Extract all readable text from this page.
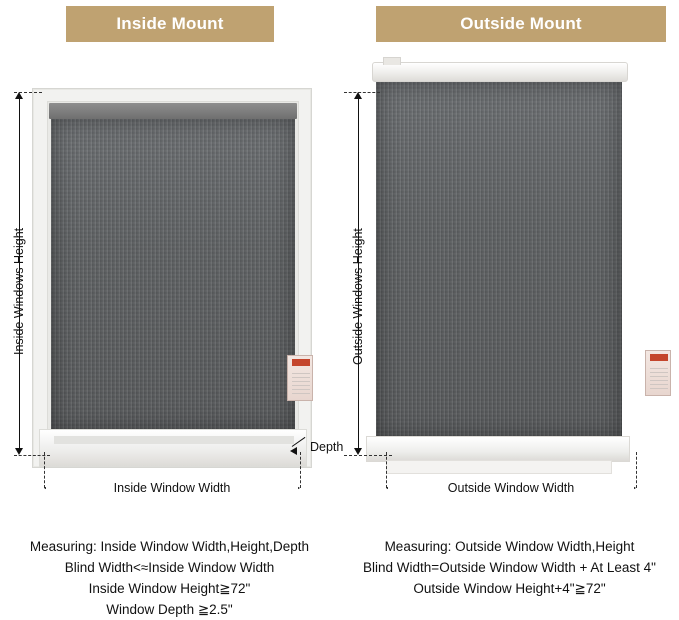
Inside Mount
Inside Windows Height
Inside Window Width
Depth
Measuring: Inside Window Width,Height,Depth
Blind Width<≈Inside Window Width
Inside Window Height≧72"
Window Depth ≧2.5"
Outside Mount
Outside Windows Height
Outside Window Width
Measuring: Outside Window Width,Height
Blind Width=Outside Window Width + At Least 4"
Outside Window Height+4"≧72"
